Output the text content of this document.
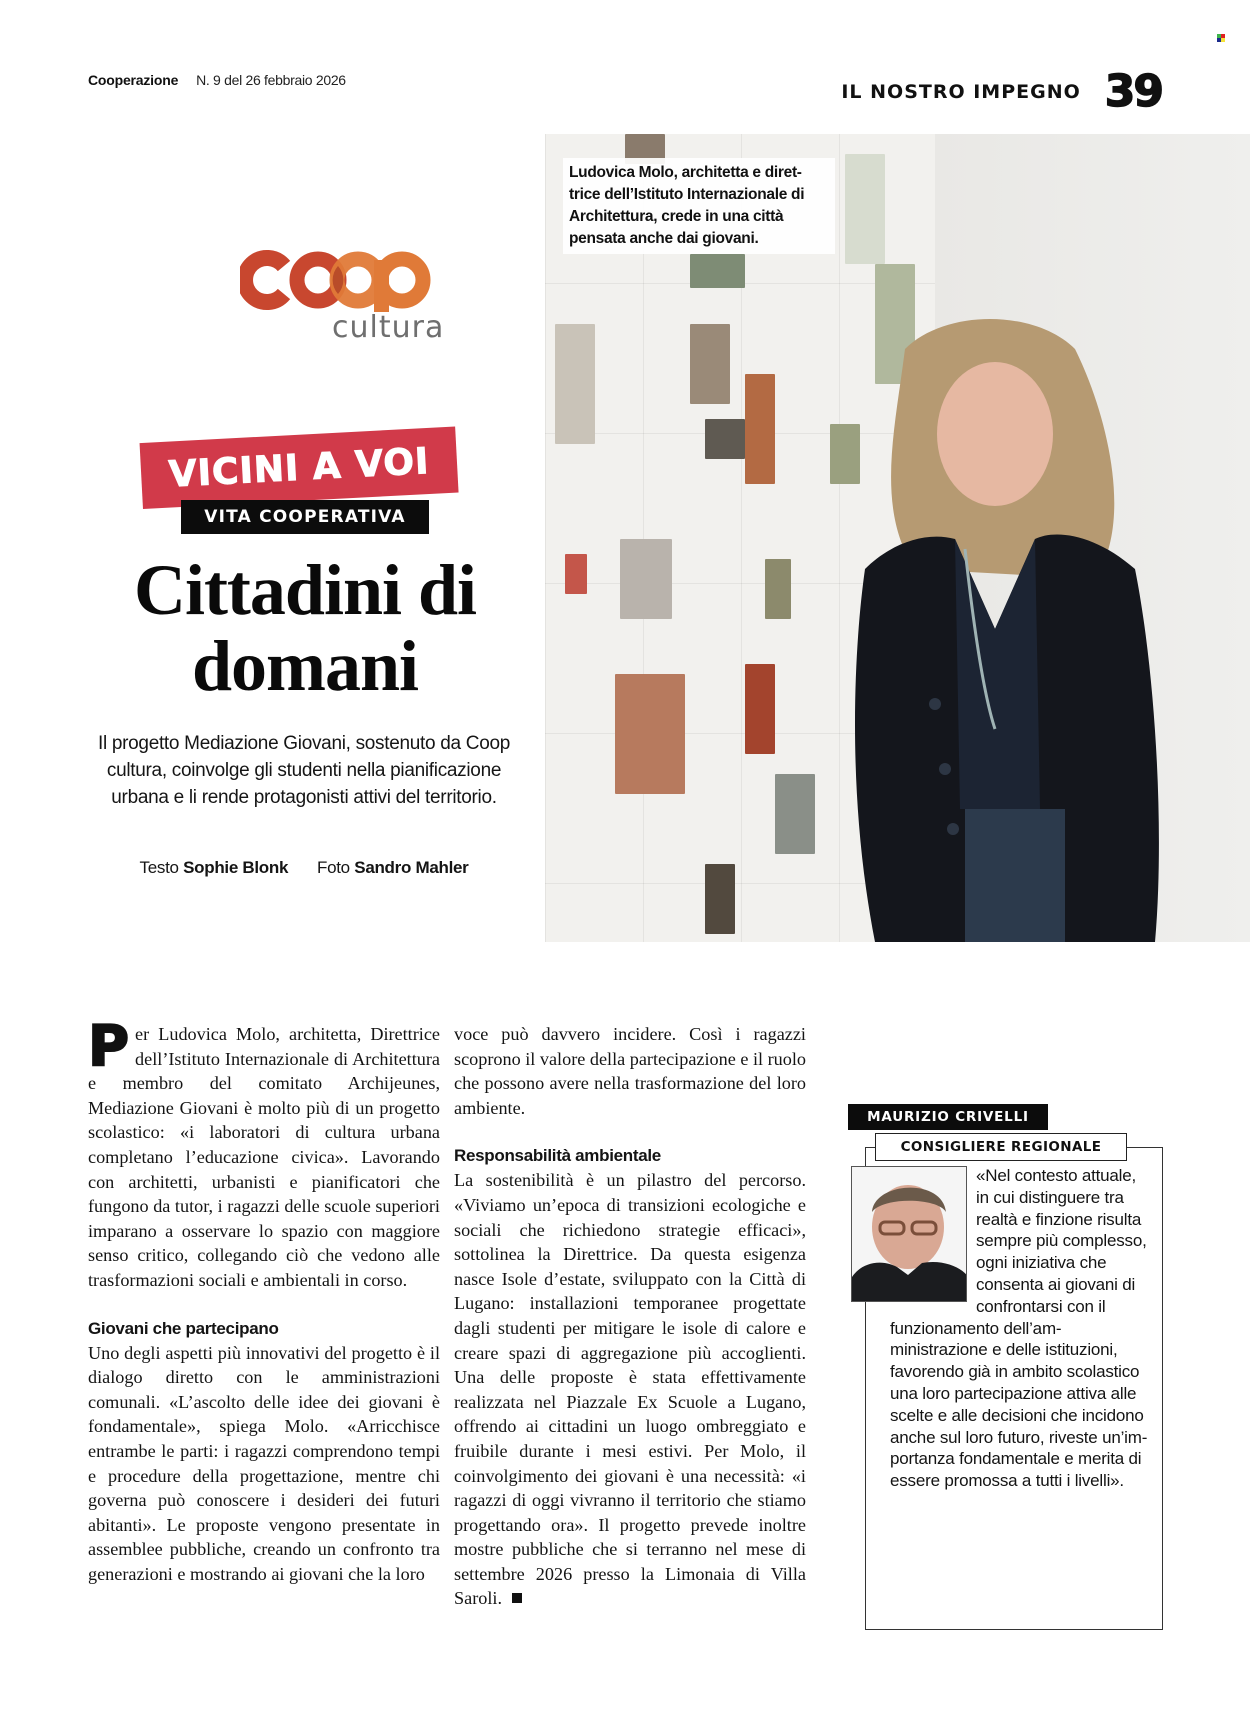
Cooperazione N. 9 del 26 febbraio 2026
IL NOSTRO IMPEGNO 39
cultura
VICINI A VOI
VITA COOPERATIVA
Cittadini di
domani

Il progetto Mediazione Giovani, sostenuto da Coop cultura, coinvolge gli studenti nella pianificazione urbana e li rende protagonisti attivi del territorio.

Testo Sophie Blonk Foto Sandro Mahler
Ludovica Molo, architetta e diret-trice dell’Istituto Internazionale di Architettura, crede in una città pensata anche dai giovani.

Per Ludovica Molo, architetta, Direttrice dell’Istituto Internazionale di Architettura e membro del comitato Archijeunes, Mediazione Giovani è molto più di un progetto scolastico: «i laboratori di cultura urbana completano l’educazione civica». Lavorando con architetti, urbanisti e pianificatori che fungono da tutor, i ragazzi delle scuole superiori imparano a osservare lo spazio con maggiore senso critico, collegando ciò che vedono alle trasformazioni sociali e ambientali in corso.

Giovani che partecipano

Uno degli aspetti più innovativi del progetto è il dialogo diretto con le amministrazioni comunali. «L’ascolto delle idee dei giovani è fondamentale», spiega Molo. «Arricchisce entrambe le parti: i ragazzi comprendono tempi e procedure della progettazione, mentre chi governa può conoscere i desideri dei futuri abitanti». Le proposte vengono presentate in assemblee pubbliche, creando un confronto tra generazioni e mostrando ai giovani che la loro

voce può davvero incidere. Così i ragazzi scoprono il valore della partecipazione e il ruolo che possono avere nella trasformazione del loro ambiente.

Responsabilità ambientale

La sostenibilità è un pilastro del percorso. «Viviamo un’epoca di transizioni ecologiche e sociali che richiedono strategie efficaci», sottolinea la Direttrice. Da questa esigenza nasce Isole d’estate, sviluppato con la Città di Lugano: installazioni temporanee progettate dagli studenti per mitigare le isole di calore e creare spazi di aggregazione più accoglienti. Una delle proposte è stata effettivamente realizzata nel Piazzale Ex Scuole a Lugano, offrendo ai cittadini un luogo ombreggiato e fruibile durante i mesi estivi. Per Molo, il coinvolgimento dei giovani è una necessità: «i ragazzi di oggi vivranno il territorio che stiamo progettando ora». Il progetto prevede inoltre mostre pubbliche che si terranno nel mese di settembre 2026 presso la Limonaia di Villa Saroli.

MAURIZIO CRIVELLI
CONSIGLIERE REGIONALE
«Nel contesto attuale, in cui distinguere tra realtà e finzione risulta sempre più complesso, ogni iniziativa che consenta ai giovani di confrontarsi con il funzionamento dell’amministrazione e delle istituzioni, favorendo già in ambito scolastico una loro partecipazione attiva alle scelte e alle decisioni che incidono anche sul loro futuro, riveste un’importanza fondamentale e merita di essere promossa a tutti i livelli».
